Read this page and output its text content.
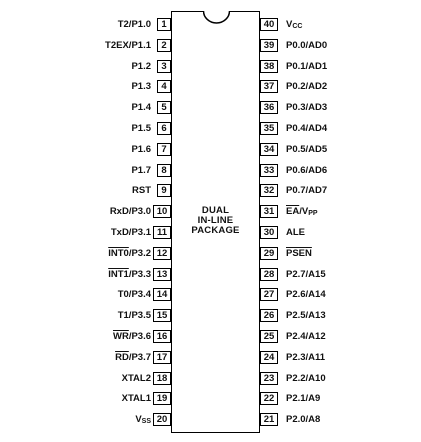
DUAL
IN-LINE
PACKAGE
1
T2/P1.0
2
T2EX/P1.1
3
P1.2
4
P1.3
5
P1.4
6
P1.5
7
P1.6
8
P1.7
9
RST
10
RxD/P3.0
11
TxD/P3.1
12
INT0/P3.2
13
INT1/P3.3
14
T0/P3.4
15
T1/P3.5
16
$\overline{WR}/P3.6$
17
$\overline{RD}/P3.7$
18
XTAL2
19
XTAL1
20
VSS
40	VCC
39	P0.0/AD0
38	P0.1/AD1
37	P0.2/AD2
36	P0.3/AD3
35	P0.4/AD4
34	P0.5/AD5
33	P0.6/AD6
32	P0.7/AD7
31	$\overline{EA}$/VPP
30	ALE
29	PSEN
28	P2.7/A15
27	P2.6/A14
26	P2.5/A13
25	P2.4/A12
24	P2.3/A11
23	P2.2/A10
22	P2.1/A9
21	P2.0/A8
